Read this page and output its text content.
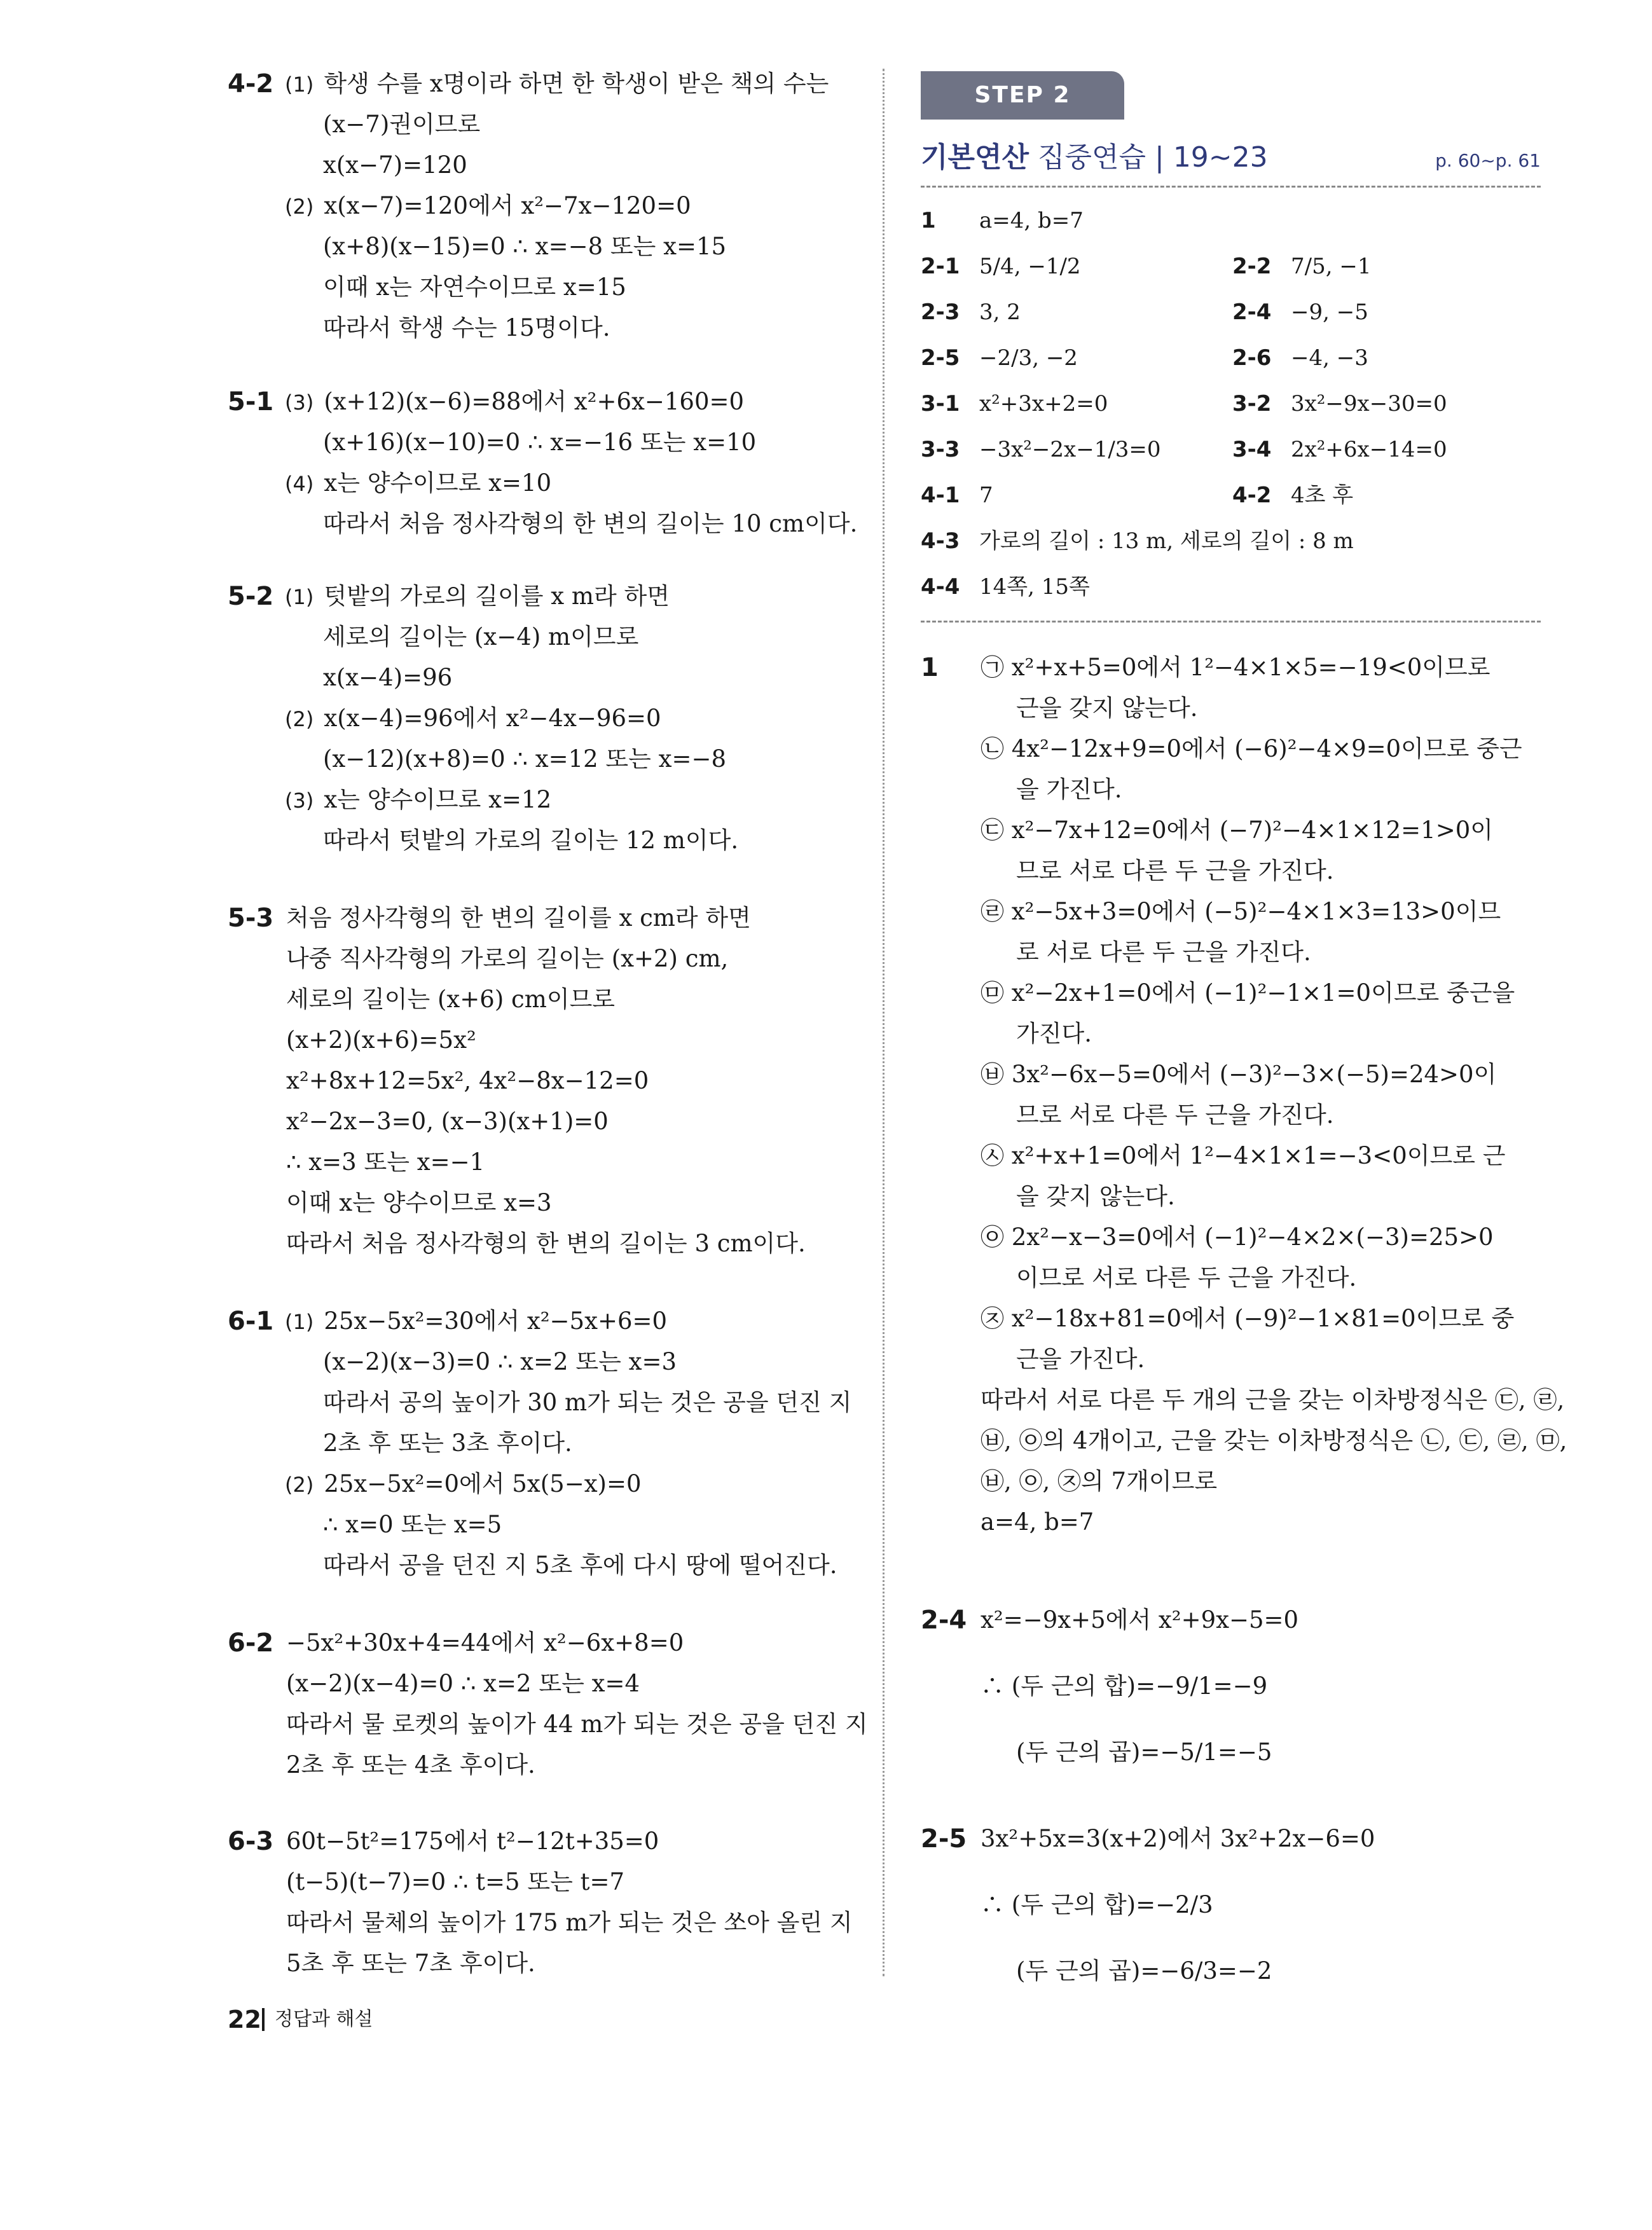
4-2 (1) 학생 수를 x명이라 하면 한 학생이 받은 책의 수는
(x−7)권이므로
x(x−7)=120
(2) x(x−7)=120에서 x²−7x−120=0
(x+8)(x−15)=0 ∴ x=−8 또는 x=15
이때 x는 자연수이므로 x=15
따라서 학생 수는 15명이다.
5-1 (3) (x+12)(x−6)=88에서 x²+6x−160=0
(x+16)(x−10)=0 ∴ x=−16 또는 x=10
(4) x는 양수이므로 x=10
따라서 처음 정사각형의 한 변의 길이는 10 cm이다.
5-2 (1) 텃밭의 가로의 길이를 x m라 하면
세로의 길이는 (x−4) m이므로
x(x−4)=96
(2) x(x−4)=96에서 x²−4x−96=0
(x−12)(x+8)=0 ∴ x=12 또는 x=−8
(3) x는 양수이므로 x=12
따라서 텃밭의 가로의 길이는 12 m이다.
5-3 처음 정사각형의 한 변의 길이를 x cm라 하면
나중 직사각형의 가로의 길이는 (x+2) cm,
세로의 길이는 (x+6) cm이므로
(x+2)(x+6)=5x²
x²+8x+12=5x², 4x²−8x−12=0
x²−2x−3=0, (x−3)(x+1)=0
∴ x=3 또는 x=−1
이때 x는 양수이므로 x=3
따라서 처음 정사각형의 한 변의 길이는 3 cm이다.
6-1 (1) 25x−5x²=30에서 x²−5x+6=0
(x−2)(x−3)=0 ∴ x=2 또는 x=3
따라서 공의 높이가 30 m가 되는 것은 공을 던진 지
2초 후 또는 3초 후이다.
(2) 25x−5x²=0에서 5x(5−x)=0
∴ x=0 또는 x=5
따라서 공을 던진 지 5초 후에 다시 땅에 떨어진다.
6-2 −5x²+30x+4=44에서 x²−6x+8=0
(x−2)(x−4)=0 ∴ x=2 또는 x=4
따라서 물 로켓의 높이가 44 m가 되는 것은 공을 던진 지
2초 후 또는 4초 후이다.
6-3 60t−5t²=175에서 t²−12t+35=0
(t−5)(t−7)=0 ∴ t=5 또는 t=7
따라서 물체의 높이가 175 m가 되는 것은 쏘아 올린 지
5초 후 또는 7초 후이다.
STEP 2
기본연산 집중연습 | 19~23	p. 60~p. 61
1 a=4, b=7
2-1 5/4, −1/2	2-2 7/5, −1
2-3 3, 2	2-4 −9, −5
2-5 −2/3, −2	2-6 −4, −3
3-1 x²+3x+2=0	3-2 3x²−9x−30=0
3-3 −3x²−2x−1/3=0	3-4 2x²+6x−14=0
4-1 7	4-2 4초 후
4-3 가로의 길이 : 13 m, 세로의 길이 : 8 m
4-4 14쪽, 15쪽
1 ㉠ x²+x+5=0에서 1²−4×1×5=−19<0이므로
근을 갖지 않는다.
㉡ 4x²−12x+9=0에서 (−6)²−4×9=0이므로 중근
을 가진다.
㉢ x²−7x+12=0에서 (−7)²−4×1×12=1>0이
므로 서로 다른 두 근을 가진다.
㉣ x²−5x+3=0에서 (−5)²−4×1×3=13>0이므
로 서로 다른 두 근을 가진다.
㉤ x²−2x+1=0에서 (−1)²−1×1=0이므로 중근을
가진다.
㉥ 3x²−6x−5=0에서 (−3)²−3×(−5)=24>0이
므로 서로 다른 두 근을 가진다.
㉦ x²+x+1=0에서 1²−4×1×1=−3<0이므로 근
을 갖지 않는다.
㉧ 2x²−x−3=0에서 (−1)²−4×2×(−3)=25>0
이므로 서로 다른 두 근을 가진다.
㉨ x²−18x+81=0에서 (−9)²−1×81=0이므로 중
근을 가진다.
따라서 서로 다른 두 개의 근을 갖는 이차방정식은 ㉢, ㉣,
㉥, ㉧의 4개이고, 근을 갖는 이차방정식은 ㉡, ㉢, ㉣, ㉤,
㉥, ㉧, ㉨의 7개이므로
a=4, b=7
2-4 x²=−9x+5에서 x²+9x−5=0
∴ (두 근의 합)=−9/1=−9
(두 근의 곱)=−5/1=−5
2-5 3x²+5x=3(x+2)에서 3x²+2x−6=0
∴ (두 근의 합)=−2/3
(두 근의 곱)=−6/3=−2
22 정답과 해설
